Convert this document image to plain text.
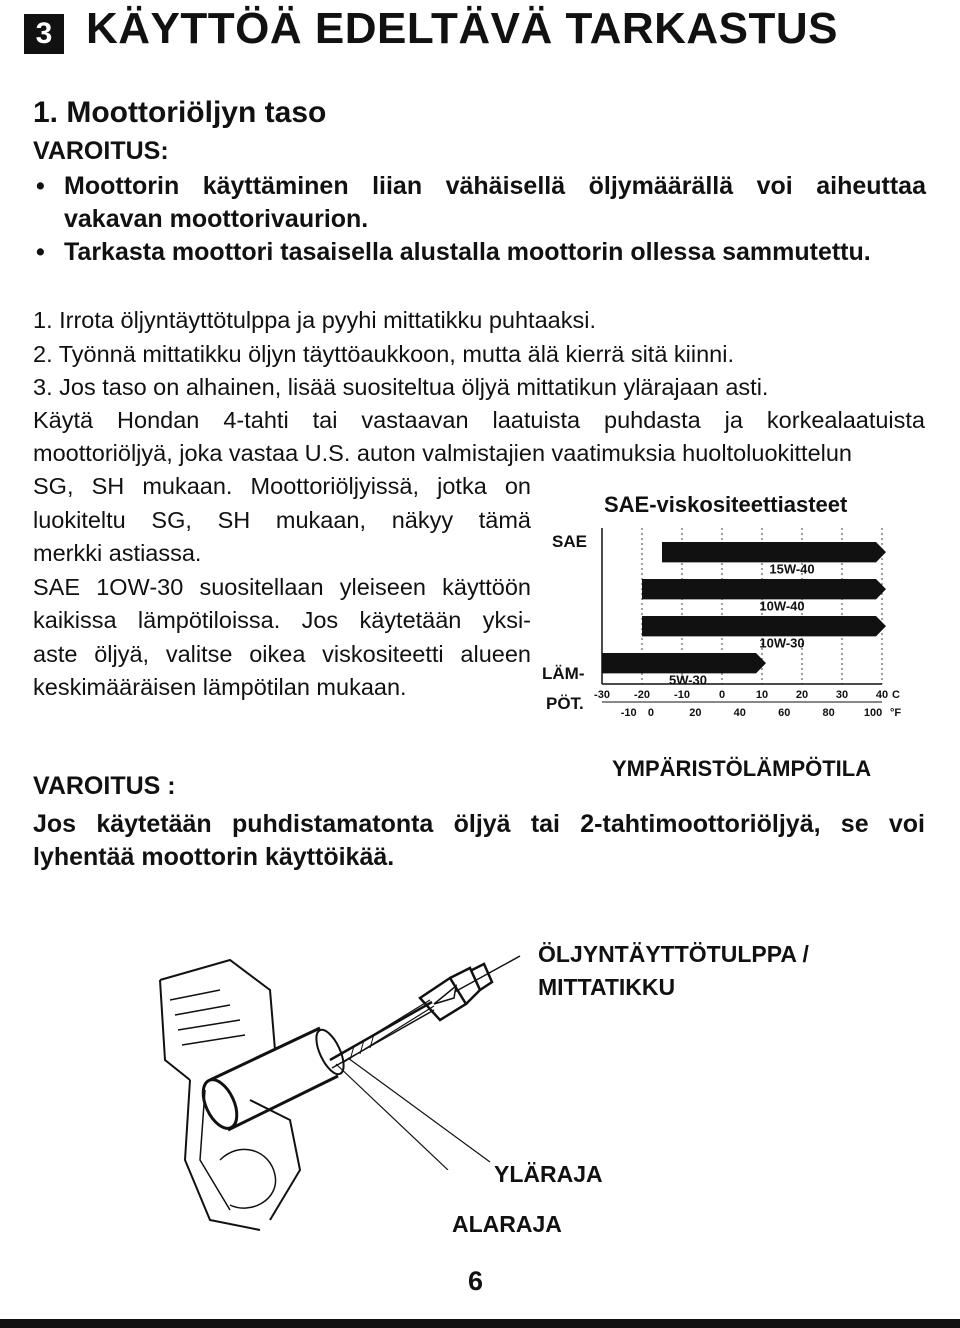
3 KÄYTTÖÄ EDELTÄVÄ TARKASTUS
1. Moottoriöljyn taso
VAROITUS:
• Moottorin käyttäminen liian vähäisellä öljymäärällä voi aiheuttaa vakavan moottorivaurion.
• Tarkasta moottori tasaisella alustalla moottorin ollessa sammutettu.
1. Irrota öljyntäyttötulppa ja pyyhi mittatikku puhtaaksi.
2. Työnnä mittatikku öljyn täyttöaukkoon, mutta älä kierrä sitä kiinni.
3. Jos taso on alhainen, lisää suositeltua öljyä mittatikun ylärajaan asti.
Käytä Hondan 4-tahti tai vastaavan laatuista puhdasta ja korkealaatuista moottoriöljyä, joka vastaa U.S. auton valmistajien vaatimuksia huoltoluokittelun
SG, SH mukaan. Moottoriöljyissä, jotka on
luokiteltu SG, SH mukaan, näkyy tämä
merkki astiassa.
SAE 1OW-30 suositellaan yleiseen käyttöön
kaikissa lämpötiloissa. Jos käytetään yksi-
aste öljyä, valitse oikea viskositeetti alueen
keskimääräisen lämpötilan mukaan.
SAE-viskositeettiasteet
SAE
LÄM-
PÖT.
15W-40
10W-40
10W-30
5W-30
-30 -20 -10	0	10	20	30	40 C
-10 0	20	40	60	80	100 °F
YMPÄRISTÖLÄMPÖTILA
VAROITUS :
Jos käytetään puhdistamatonta öljyä tai 2-tahtimoottoriöljyä, se voi lyhentää moottorin käyttöikää.
ÖLJYNTÄYTTÖTULPPA /
MITTATIKKU
YLÄRAJA
ALARAJA
6
